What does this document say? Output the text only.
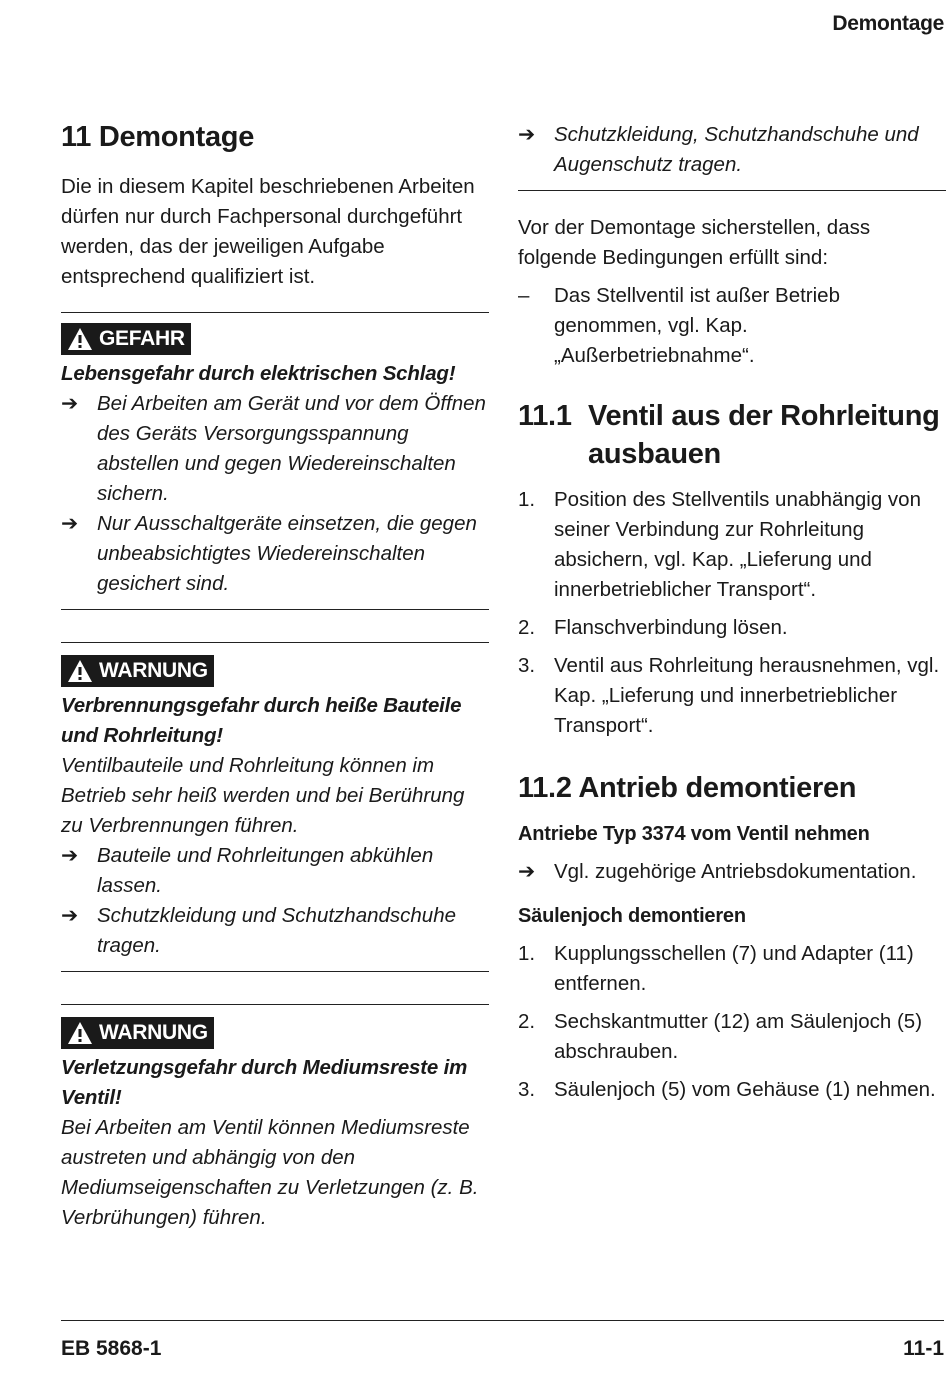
Demontage
11 Demontage

Die in diesem Kapitel beschriebenen Arbeiten dürfen nur durch Fachpersonal durchgeführt werden, das der jeweiligen Aufgabe entsprechend qualifiziert ist.

GEFAHR
Lebensgefahr durch elektrischen Schlag!
➔ Bei Arbeiten am Gerät und vor dem Öffnen des Geräts Versorgungsspannung abstellen und gegen Wiedereinschalten sichern.
➔ Nur Ausschaltgeräte einsetzen, die gegen unbeabsichtigtes Wiedereinschalten gesichert sind.
WARNUNG
Verbrennungsgefahr durch heiße Bauteile und Rohrleitung!
Ventilbauteile und Rohrleitung können im Betrieb sehr heiß werden und bei Berührung zu Verbrennungen führen.
➔ Bauteile und Rohrleitungen abkühlen lassen.
➔ Schutzkleidung und Schutzhandschuhe tragen.
WARNUNG
Verletzungsgefahr durch Mediumsreste im Ventil!
Bei Arbeiten am Ventil können Mediumsreste austreten und abhängig von den Mediumseigenschaften zu Verletzungen (z. B. Verbrühungen) führen.
➔ Schutzkleidung, Schutzhandschuhe und Augenschutz tragen.

Vor der Demontage sicherstellen, dass folgende Bedingungen erfüllt sind:

–	Das Stellventil ist außer Betrieb genommen, vgl. Kap. „Außerbetriebnahme“.
11.1 Ventil aus der Rohrleitung
ausbauen
1. Position des Stellventils unabhängig von seiner Verbindung zur Rohrleitung absichern, vgl. Kap. „Lieferung und innerbetrieblicher Transport“.
2. Flanschverbindung lösen.
3. Ventil aus Rohrleitung herausnehmen, vgl. Kap. „Lieferung und innerbetrieblicher Transport“.
11.2 Antrieb demontieren
Antriebe Typ 3374 vom Ventil nehmen
➔ Vgl. zugehörige Antriebsdokumentation.
Säulenjoch demontieren
1. Kupplungsschellen (7) und Adapter (11) entfernen.
2. Sechskantmutter (12) am Säulenjoch (5) abschrauben.
3. Säulenjoch (5) vom Gehäuse (1) nehmen.
EB 5868-1	11-1
